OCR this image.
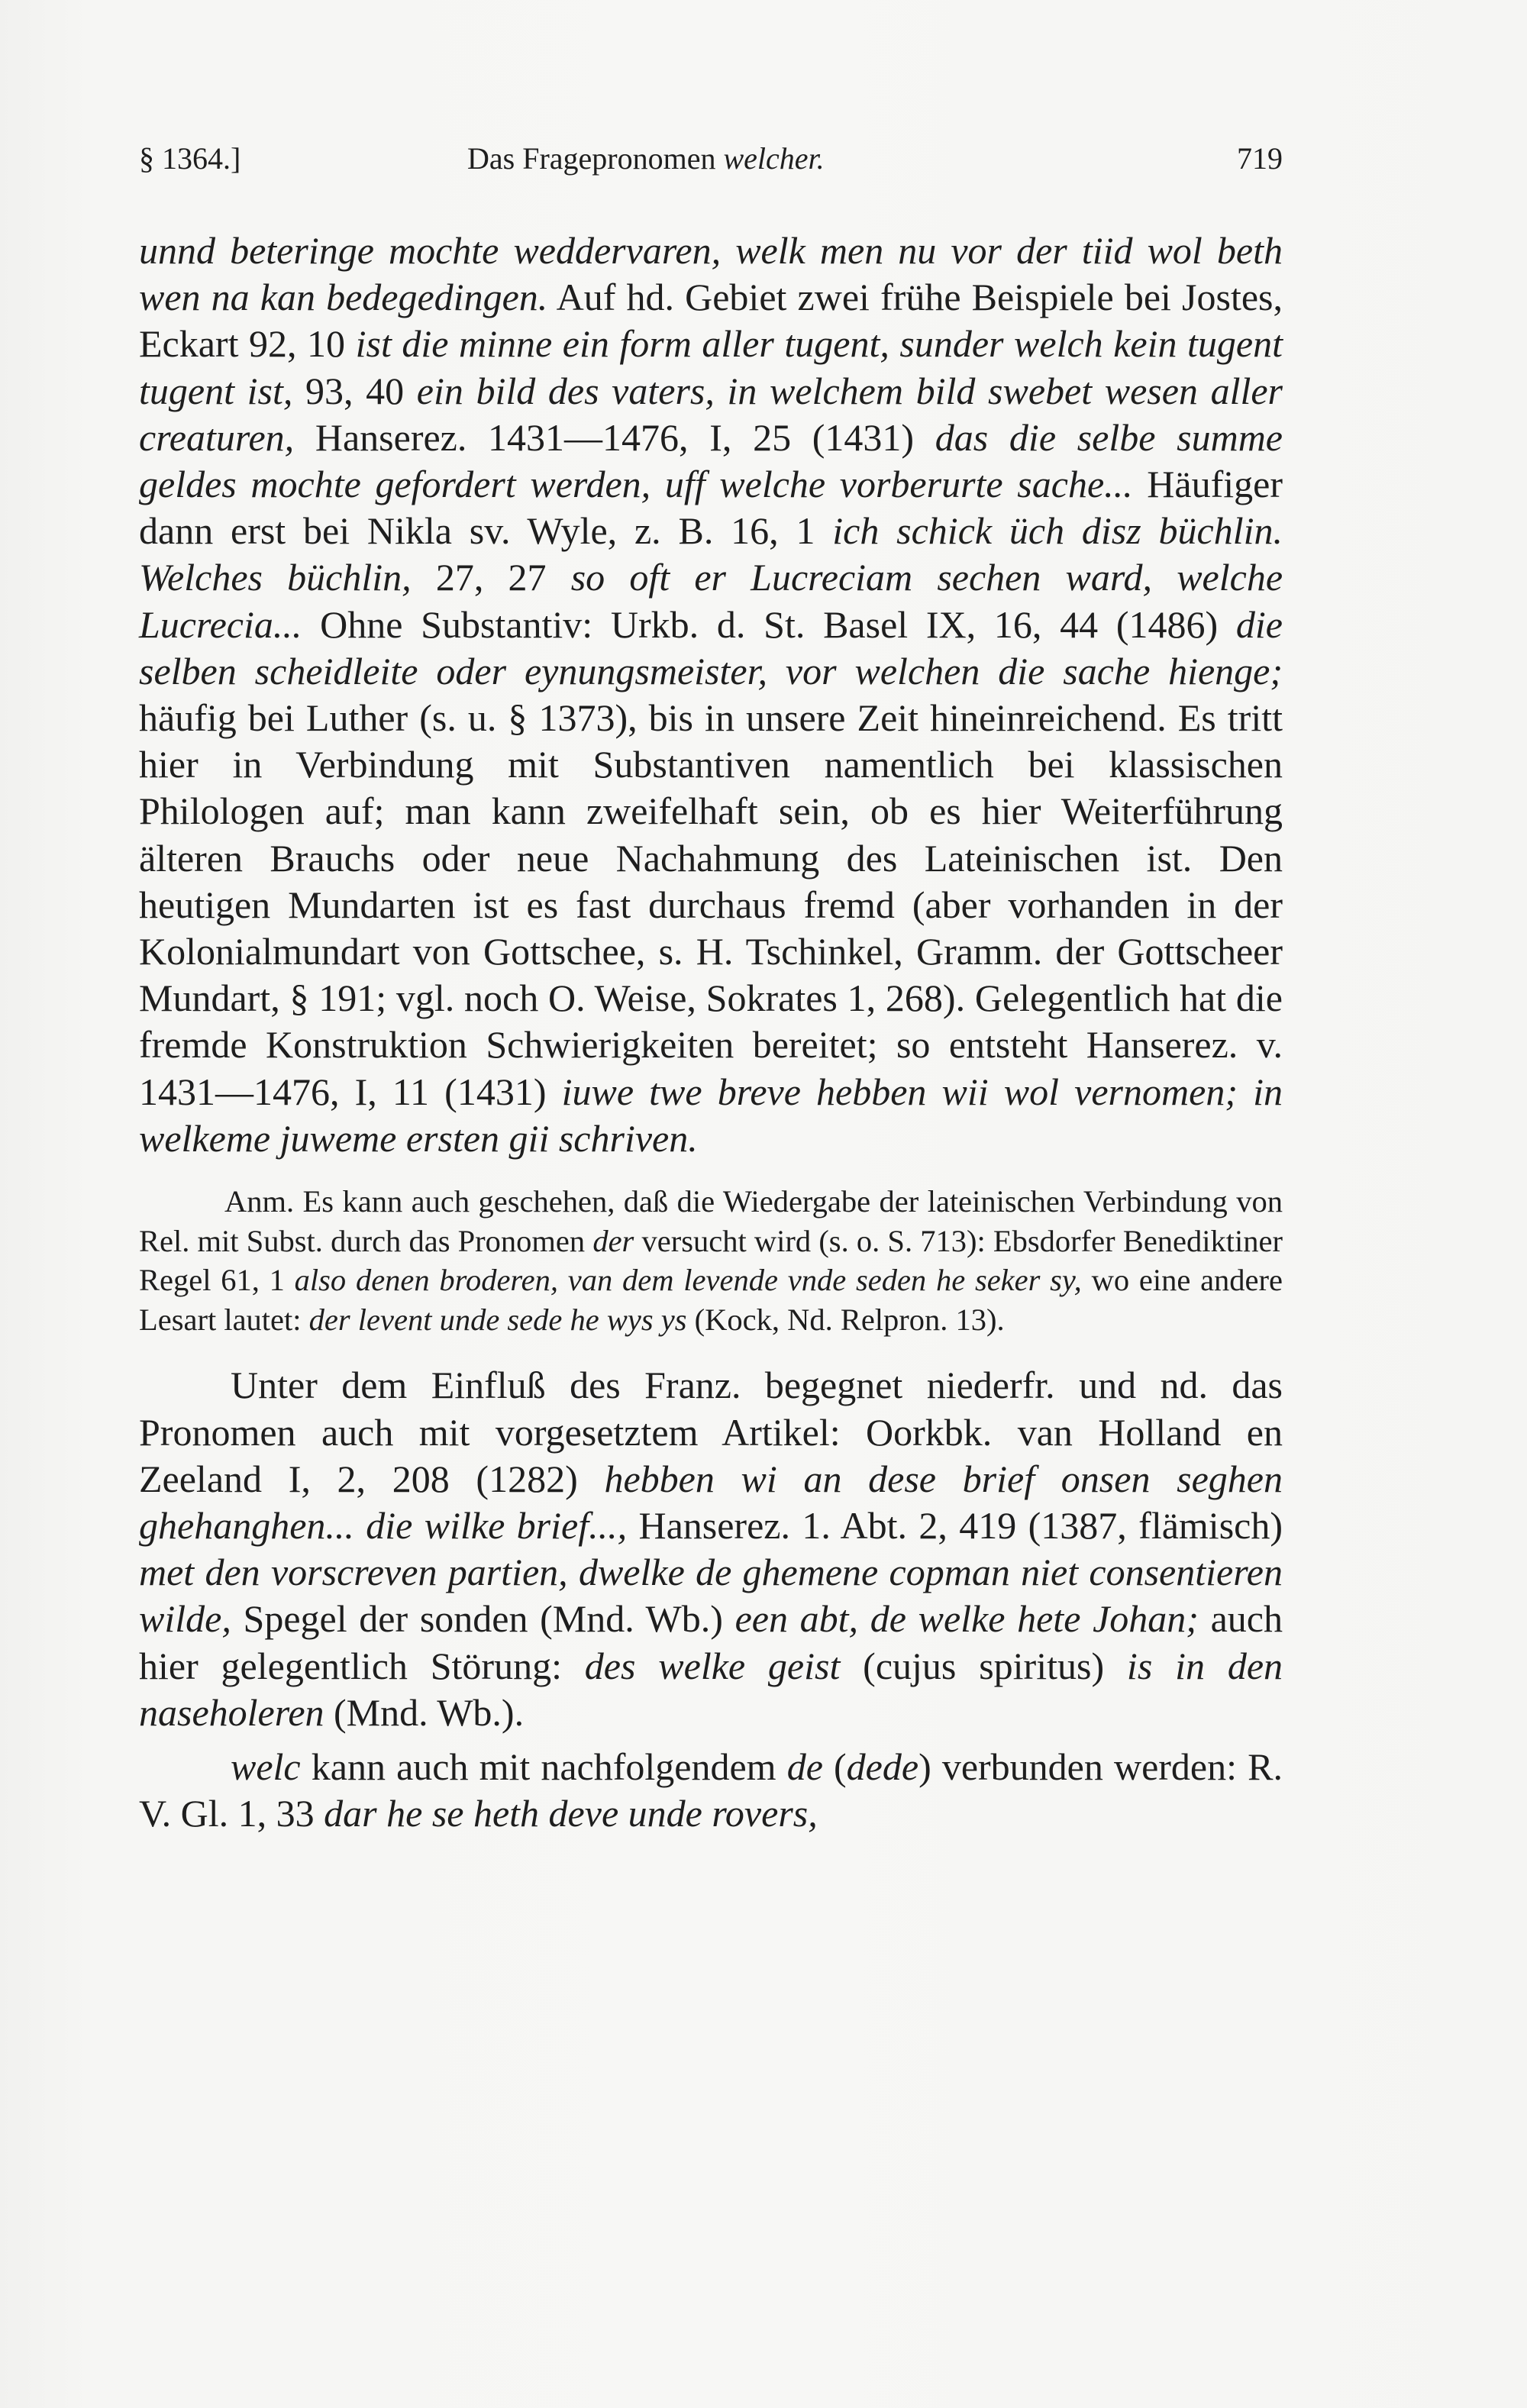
§ 1364.]	Das Fragepronomen welcher.	719

unnd beteringe mochte weddervaren, welk men nu vor der tiid wol beth wen na kan bedegedingen. Auf hd. Gebiet zwei frühe Beispiele bei Jostes, Eckart 92, 10 ist die minne ein form aller tugent, sunder welch kein tugent tugent ist, 93, 40 ein bild des vaters, in welchem bild swebet wesen aller creaturen, Hanserez. 1431—1476, I, 25 (1431) das die selbe summe geldes mochte gefordert werden, uff welche vorberurte sache... Häufiger dann erst bei Nikla sv. Wyle, z. B. 16, 1 ich schick üch disz büchlin. Welches büchlin, 27, 27 so oft er Lucreciam sechen ward, welche Lucrecia... Ohne Substantiv: Urkb. d. St. Basel IX, 16, 44 (1486) die selben scheidleite oder eynungsmeister, vor welchen die sache hienge; häufig bei Luther (s. u. § 1373), bis in unsere Zeit hineinreichend. Es tritt hier in Verbindung mit Substantiven namentlich bei klassischen Philologen auf; man kann zweifelhaft sein, ob es hier Weiterführung älteren Brauchs oder neue Nachahmung des Lateinischen ist. Den heutigen Mundarten ist es fast durchaus fremd (aber vorhanden in der Kolonialmundart von Gottschee, s. H. Tschinkel, Gramm. der Gottscheer Mundart, § 191; vgl. noch O. Weise, Sokrates 1, 268). Gelegentlich hat die fremde Konstruktion Schwierigkeiten bereitet; so entsteht Hanserez. v. 1431—1476, I, 11 (1431) iuwe twe breve hebben wii wol vernomen; in welkeme juweme ersten gii schriven.

Anm. Es kann auch geschehen, daß die Wiedergabe der lateinischen Verbindung von Rel. mit Subst. durch das Pronomen der versucht wird (s. o. S. 713): Ebsdorfer Benediktiner Regel 61, 1 also denen broderen, van dem levende vnde seden he seker sy, wo eine andere Lesart lautet: der levent unde sede he wys ys (Kock, Nd. Relpron. 13).

Unter dem Einfluß des Franz. begegnet niederfr. und nd. das Pronomen auch mit vorgesetztem Artikel: Oorkbk. van Holland en Zeeland I, 2, 208 (1282) hebben wi an dese brief onsen seghen ghehanghen... die wilke brief..., Hanserez. 1. Abt. 2, 419 (1387, flämisch) met den vorscreven partien, dwelke de ghemene copman niet consentieren wilde, Spegel der sonden (Mnd. Wb.) een abt, de welke hete Johan; auch hier gelegentlich Störung: des welke geist (cujus spiritus) is in den naseholeren (Mnd. Wb.).

welc kann auch mit nachfolgendem de (dede) verbunden werden: R. V. Gl. 1, 33 dar he se heth deve unde rovers,
